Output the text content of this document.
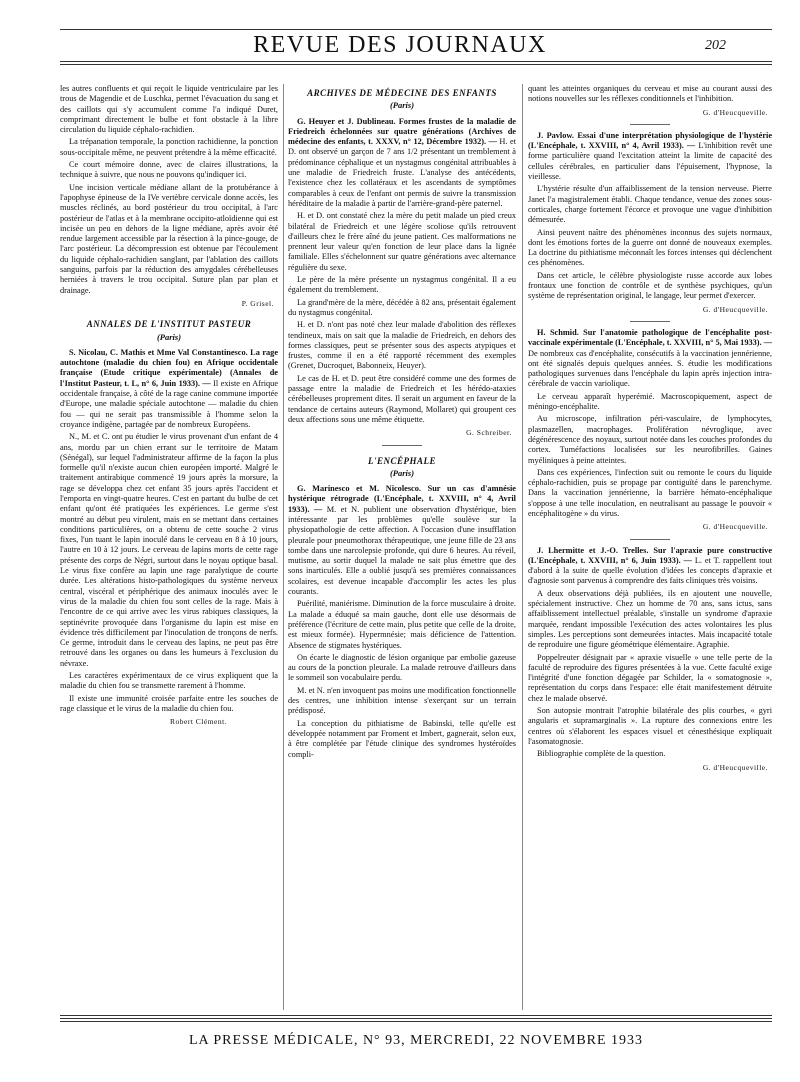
REVUE DES JOURNAUX	202

les autres confluents et qui reçoit le liquide ventriculaire par les trous de Magendie et de Luschka, permet l'évacuation du sang et des caillots qui s'y accumulent comme l'a indiqué Duret, comprimant directement le bulbe et font obstacle à la libre circulation du liquide céphalo-rachidien.

La trépanation temporale, la ponction rachidienne, la ponction sous-occipitale même, ne peuvent prétendre à la même efficacité.

Ce court mémoire donne, avec de claires illustrations, la technique à suivre, que nous ne pouvons qu'indiquer ici.

Une incision verticale médiane allant de la protubérance à l'apophyse épineuse de la IVe vertèbre cervicale donne accès, les muscles réclinés, au bord postérieur du trou occipital, à l'arc postérieur de l'atlas et à la membrane occipito-atloïdienne qui est incisée un peu en dehors de la ligne médiane, après avoir été rendue largement accessible par la résection à la pince-gouge, de l'arc postérieur. La décompression est obtenue par l'écoulement du liquide céphalo-rachidien sanglant, par l'ablation des caillots sanguins, parfois par la réduction des amygdales cérébelleuses herniées à travers le trou occipital. Suture plan par plan et drainage.

P. Grisel.
ANNALES DE L'INSTITUT PASTEUR
(Paris)

S. Nicolau, C. Mathis et Mme Val Constantinesco. La rage autochtone (maladie du chien fou) en Afrique occidentale française (Etude critique expérimentale) (Annales de l'Institut Pasteur, t. L, n° 6, Juin 1933). — Il existe en Afrique occidentale française, à côté de la rage canine commune importée d'Europe, une maladie spéciale autochtone — maladie du chien fou — qui ne serait pas transmissible à l'homme selon la croyance indigène, partagée par de nombreux Européens.

N., M. et C. ont pu étudier le virus provenant d'un enfant de 4 ans, mordu par un chien errant sur le territoire de Matam (Sénégal), sur lequel l'administrateur affirme de la façon la plus formelle qu'il n'existe aucun chien européen importé. Malgré le traitement antirabique commencé 19 jours après la morsure, la rage se développa chez cet enfant 35 jours après l'accident et l'emporta en vingt-quatre heures. C'est en partant du bulbe de cet enfant qu'ont été pratiquées les expériences. Le germe s'est montré au début peu virulent, mais en se mettant dans certaines conditions particulières, on a obtenu de cette souche 2 virus fixes, l'un tuant le lapin inoculé dans le cerveau en 8 à 10 jours, l'autre en 10 à 12 jours. Le cerveau de lapins morts de cette rage présente des corps de Négri, surtout dans le noyau optique basal. Le virus fixe confère au lapin une rage paralytique de courte durée. Les altérations histo-pathologiques du système nerveux central, viscéral et périphérique des animaux inoculés avec le virus de la maladie du chien fou sont celles de la rage. Mais à l'encontre de ce qui arrive avec les virus rabiques classiques, la septinévrite provoquée dans l'organisme du lapin est mise en évidence très difficilement par l'inoculation de tronçons de nerfs. Ce germe, introduit dans le cerveau des lapins, ne peut pas être retrouvé dans les organes ou dans les humeurs à l'exclusion du névraxe.

Les caractères expérimentaux de ce virus expliquent que la maladie du chien fou se transmette rarement à l'homme.

Il existe une immunité croisée parfaite entre les souches de rage classique et le virus de la maladie du chien fou.

Robert Clément.
ARCHIVES DE MÉDECINE DES ENFANTS
(Paris)

G. Heuyer et J. Dublineau. Formes frustes de la maladie de Friedreich échelonnées sur quatre générations (Archives de médecine des enfants, t. XXXV, n° 12, Décembre 1932). — H. et D. ont observé un garçon de 7 ans 1/2 présentant un tremblement à prédominance céphalique et un nystagmus congénital attribuables à une maladie de Friedreich fruste. L'analyse des antécédents, l'existence chez les collatéraux et les ascendants de symptômes comparables à ceux de l'enfant ont permis de suivre la transmission héréditaire de la maladie à partir de l'arrière-grand-père paternel.

H. et D. ont constaté chez la mère du petit malade un pied creux bilatéral de Friedreich et une légère scoliose qu'ils retrouvent d'ailleurs chez le frère aîné du jeune patient. Ces malformations ne prennent leur valeur qu'en fonction de leur place dans la lignée familiale. Elles s'échelonnent sur quatre générations avec alternance régulière du sexe.

Le père de la mère présente un nystagmus congénital. Il a eu également du tremblement.

La grand'mère de la mère, décédée à 82 ans, présentait également du nystagmus congénital.

H. et D. n'ont pas noté chez leur malade d'abolition des réflexes tendineux, mais on sait que la maladie de Friedreich, en dehors des formes classiques, peut se présenter sous des aspects atypiques et frustes, comme il en a été rapporté récemment des exemples (Grenet, Ducroquet, Babonneix, Heuyer).

Le cas de H. et D. peut être considéré comme une des formes de passage entre la maladie de Friedreich et les hérédo-ataxies cérébelleuses proprement dites. Il serait un argument en faveur de la tendance de certains auteurs (Raymond, Mollaret) qui groupent ces deux affections sous une même étiquette.

G. Schreiber.
L'ENCÉPHALE
(Paris)

G. Marinesco et M. Nicolesco. Sur un cas d'amnésie hystérique rétrograde (L'Encéphale, t. XXVIII, n° 4, Avril 1933). — M. et N. publient une observation d'hystérique, bien intéressante par les problèmes qu'elle soulève sur la physiopathologie de cette affection. A l'occasion d'une insufflation pleurale pour pneumothorax thérapeutique, une jeune fille de 23 ans tombe dans une narcolepsie profonde, qui dure 6 heures. Au réveil, mutisme, au sortir duquel la malade ne sait plus émettre que des sons inarticulés. Elle a oublié jusqu'à ses premières connaissances scolaires, est devenue incapable d'accomplir les actes les plus courants.

Puérilité, maniérisme. Diminution de la force musculaire à droite. La malade a éduqué sa main gauche, dont elle use désormais de préférence (l'écriture de cette main, plus petite que celle de la droite, est mieux formée). Hypermnésie; mais déficience de l'attention. Absence de stigmates hystériques.

On écarte le diagnostic de lésion organique par embolie gazeuse au cours de la ponction pleurale. La malade retrouve d'ailleurs dans le sommeil son vocabulaire perdu.

M. et N. n'en invoquent pas moins une modification fonctionnelle des centres, une inhibition intense s'exerçant sur un terrain prédisposé.

La conception du pithiatisme de Babinski, telle qu'elle est développée notamment par Froment et Imbert, gagnerait, selon eux, à être complétée par l'étude clinique des syndromes hystéroïdes compli-

quant les atteintes organiques du cerveau et mise au courant aussi des notions nouvelles sur les réflexes conditionnels et l'inhibition.

G. d'Heucqueville.

J. Pavlow. Essai d'une interprétation physiologique de l'hystérie (L'Encéphale, t. XXVIII, n° 4, Avril 1933). — L'inhibition revêt une forme particulière quand l'excitation atteint la limite de capacité des cellules cérébrales, en particulier dans l'épuisement, l'hypnose, la vieillesse.

L'hystérie résulte d'un affaiblissement de la tension nerveuse. Pierre Janet l'a magistralement établi. Chaque tendance, venue des zones sous-corticales, charge fortement l'écorce et provoque une vague d'inhibition démesurée.

Ainsi peuvent naître des phénomènes inconnus des sujets normaux, dont les émotions fortes de la guerre ont donné de nouveaux exemples. La doctrine du pithiatisme méconnaît les forces intenses qui déclenchent ces phénomènes.

Dans cet article, le célèbre physiologiste russe accorde aux lobes frontaux une fonction de contrôle et de synthèse psychiques, qu'un système de représentation original, le langage, leur permet d'exercer.

G. d'Heucqueville.

H. Schmid. Sur l'anatomie pathologique de l'encéphalite post-vaccinale expérimentale (L'Encéphale, t. XXVIII, n° 5, Mai 1933). — De nombreux cas d'encéphalite, consécutifs à la vaccination jennérienne, ont été signalés depuis quelques années. S. étudie les modifications pathologiques survenues dans l'encéphale du lapin après injection intra-cérébrale de vaccin variolique.

Le cerveau apparaît hyperémié. Macroscopiquement, aspect de méningo-encéphalite.

Au microscope, infiltration péri-vasculaire, de lymphocytes, plasmazellen, macrophages. Prolifération névroglique, avec dégénérescence des noyaux, surtout notée dans les couches profondes du cortex. Tuméfactions localisées sur les neurofibrilles. Gaines myéliniques à peine atteintes.

Dans ces expériences, l'infection suit ou remonte le cours du liquide céphalo-rachidien, puis se propage par contiguïté dans le parenchyme. Dans la vaccination jennérienne, la barrière hémato-encéphalique s'oppose à une telle inoculation, en neutralisant au passage le pouvoir « encéphalitogène » du virus.

G. d'Heucqueville.

J. Lhermitte et J.-O. Trelles. Sur l'apraxie pure constructive (L'Encéphale, t. XXVIII, n° 6, Juin 1933). — L. et T. rappellent tout d'abord à la suite de quelle évolution d'idées les concepts d'apraxie et d'agnosie sont parvenus à comprendre des faits cliniques très voisins.

A deux observations déjà publiées, ils en ajoutent une nouvelle, spécialement instructive. Chez un homme de 70 ans, sans ictus, sans affaiblissement intellectuel préalable, s'installe un syndrome d'apraxie marquée, rendant impossible l'exécution des actes volontaires les plus simples. Les perceptions sont demeurées intactes. Mais incapacité totale de reproduire une figure géométrique élémentaire. Agraphie.

Poppelreuter désignait par « apraxie visuelle » une telle perte de la faculté de reproduire des figures présentées à la vue. Cette faculté exige l'intégrité d'une fonction dégagée par Schilder, la « somatognosie », représentation du corps dans l'espace: elle était manifestement détruite chez le malade observé.

Son autopsie montrait l'atrophie bilatérale des plis courbes, « gyri angularis et supramarginalis ». La rupture des connexions entre les centres où s'élaborent les espaces visuel et cénesthésique expliquait l'asomatognosie.

Bibliographie complète de la question.

G. d'Heucqueville.
LA PRESSE MÉDICALE, N° 93, MERCREDI, 22 NOVEMBRE 1933
